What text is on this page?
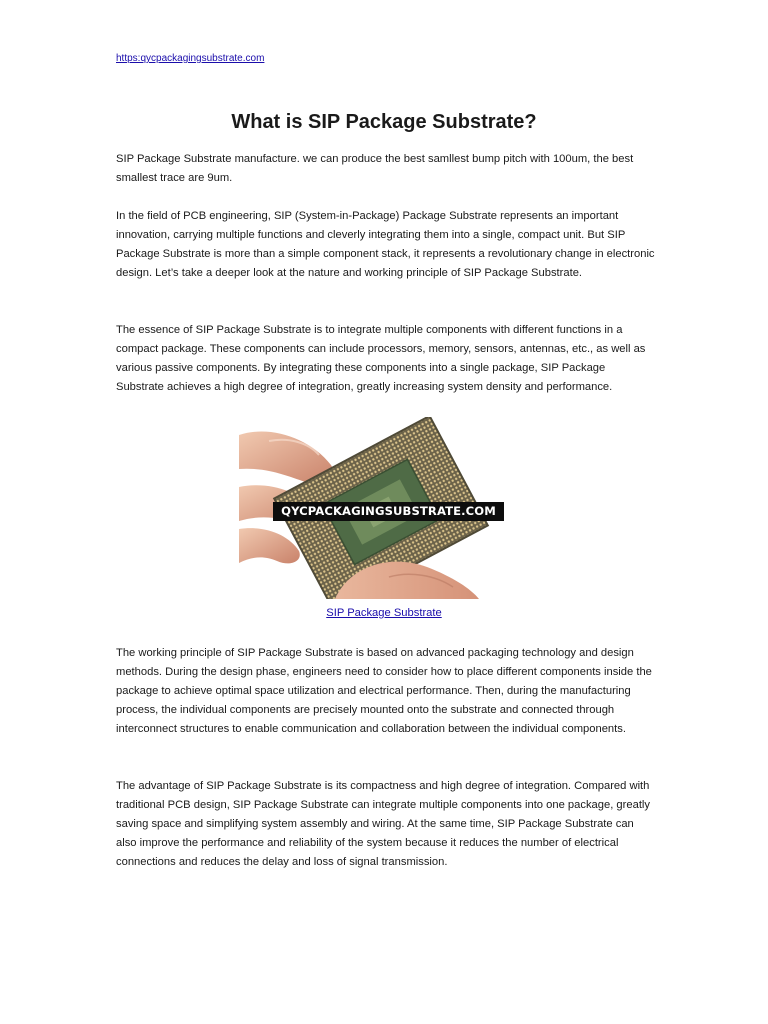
https:qycpackagingsubstrate.com
What is SIP Package Substrate?

SIP Package Substrate manufacture. we can produce the best samllest bump pitch with 100um, the best smallest trace are 9um.

In the field of PCB engineering, SIP (System-in-Package) Package Substrate represents an important innovation, carrying multiple functions and cleverly integrating them into a single, compact unit. But SIP Package Substrate is more than a simple component stack, it represents a revolutionary change in electronic design. Let’s take a deeper look at the nature and working principle of SIP Package Substrate.

The essence of SIP Package Substrate is to integrate multiple components with different functions in a compact package. These components can include processors, memory, sensors, antennas, etc., as well as various passive components. By integrating these components into a single package, SIP Package Substrate achieves a high degree of integration, greatly increasing system density and performance.

QYCPACKAGINGSUBSTRATE.COM
SIP Package Substrate

The working principle of SIP Package Substrate is based on advanced packaging technology and design methods. During the design phase, engineers need to consider how to place different components inside the package to achieve optimal space utilization and electrical performance. Then, during the manufacturing process, the individual components are precisely mounted onto the substrate and connected through interconnect structures to enable communication and collaboration between the individual components.

The advantage of SIP Package Substrate is its compactness and high degree of integration. Compared with traditional PCB design, SIP Package Substrate can integrate multiple components into one package, greatly saving space and simplifying system assembly and wiring. At the same time, SIP Package Substrate can also improve the performance and reliability of the system because it reduces the number of electrical connections and reduces the delay and loss of signal transmission.
